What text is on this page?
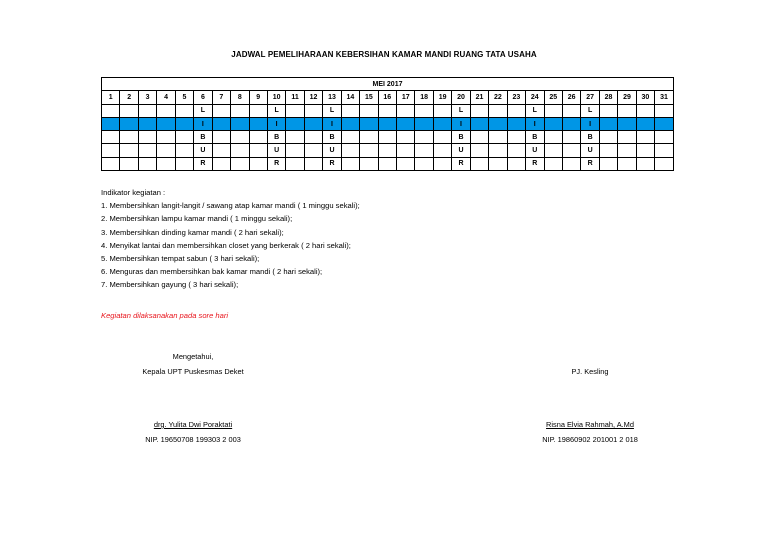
JADWAL PEMELIHARAAN KEBERSIHAN KAMAR MANDI RUANG TATA USAHA
MEI 2017																														
1	2	3	4	5	6	7	8	9	10	11	12	13	14	15	16	17	18	19	20	21	22	23	24	25	26	27	28	29	30	31
					L				L			L							L				L			L				
					I				I			I							I				I			I				
					B				B			B							B				B			B				
					U				U			U							U				U			U				
					R				R			R							R				R			R				
Indikator kegiatan :
1. Membersihkan langit-langit / sawang atap kamar mandi ( 1 minggu sekali);
2. Membersihkan lampu kamar mandi ( 1 minggu sekali);
3. Membersihkan dinding kamar mandi ( 2 hari sekali);
4. Menyikat lantai dan membersihkan closet yang berkerak ( 2 hari sekali);
5. Membersihkan tempat sabun ( 3 hari sekali);
6. Menguras dan membersihkan bak kamar mandi ( 2 hari sekali);
7. Membersihkan gayung ( 3 hari sekali);
Kegiatan dilaksanakan pada sore hari
Mengetahui,
Kepala UPT Puskesmas Deket
drg. Yulita Dwi Poraktati
NIP. 19650708 199303 2 003
PJ. Kesling
Risna Elvia Rahmah, A.Md
NIP. 19860902 201001 2 018
